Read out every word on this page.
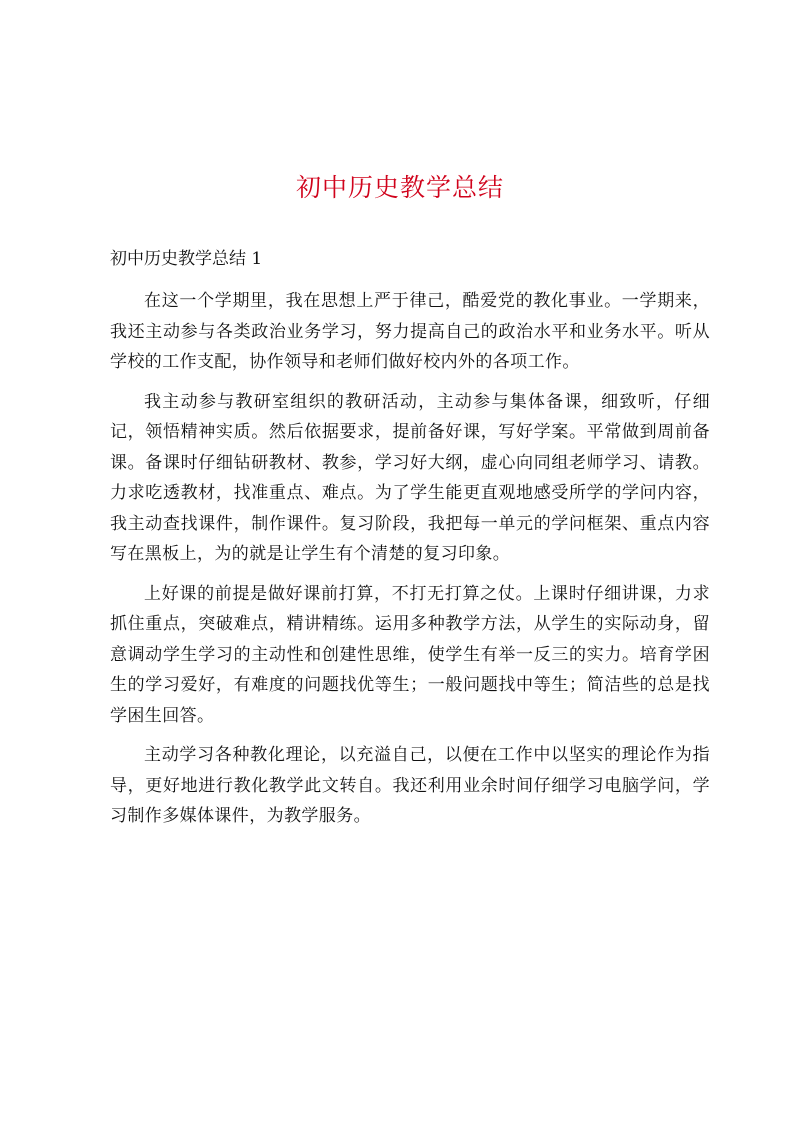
初中历史教学总结
初中历史教学总结 1

在这一个学期里，我在思想上严于律己，酷爱党的教化事业。一学期来，我还主动参与各类政治业务学习，努力提高自己的政治水平和业务水平。听从学校的工作支配，协作领导和老师们做好校内外的各项工作。

我主动参与教研室组织的教研活动，主动参与集体备课，细致听，仔细记，领悟精神实质。然后依据要求，提前备好课，写好学案。平常做到周前备课。备课时仔细钻研教材、教参，学习好大纲，虚心向同组老师学习、请教。力求吃透教材，找准重点、难点。为了学生能更直观地感受所学的学问内容，我主动查找课件，制作课件。复习阶段，我把每一单元的学问框架、重点内容写在黑板上，为的就是让学生有个清楚的复习印象。

上好课的前提是做好课前打算，不打无打算之仗。上课时仔细讲课，力求抓住重点，突破难点，精讲精练。运用多种教学方法，从学生的实际动身，留意调动学生学习的主动性和创建性思维，使学生有举一反三的实力。培育学困生的学习爱好，有难度的问题找优等生；一般问题找中等生；简洁些的总是找学困生回答。

主动学习各种教化理论，以充溢自己，以便在工作中以坚实的理论作为指导，更好地进行教化教学此文转自。我还利用业余时间仔细学习电脑学问，学习制作多媒体课件，为教学服务。
